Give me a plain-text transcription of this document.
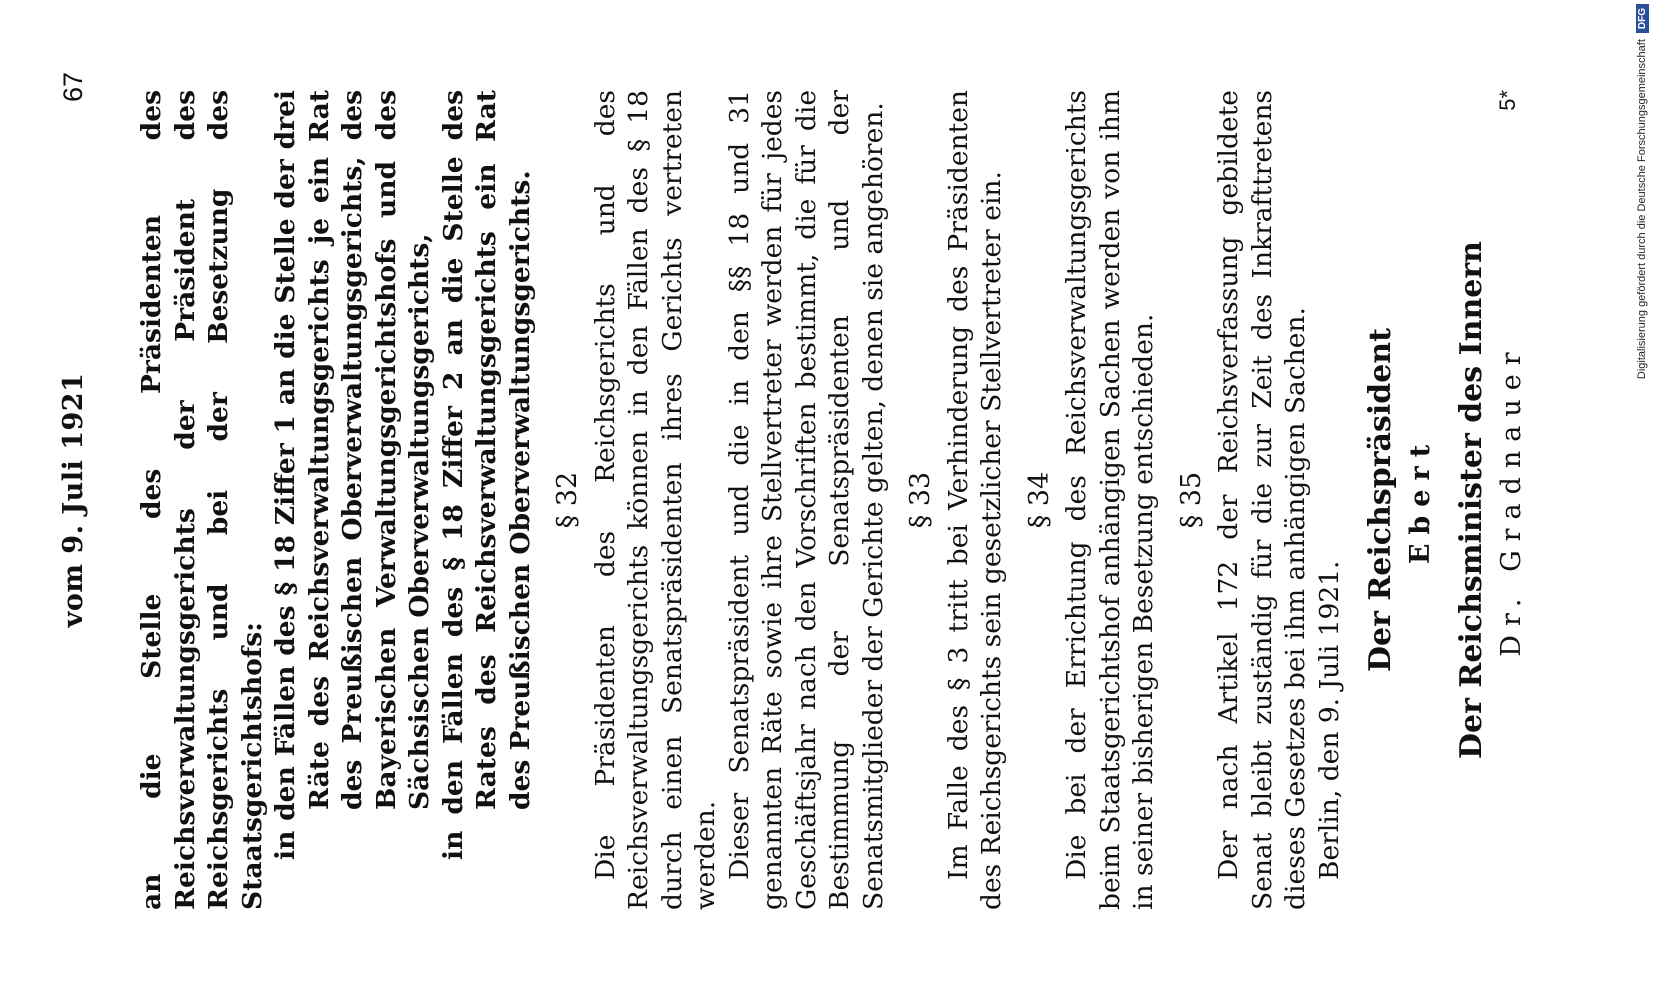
vom 9. Juli 1921
67

an die Stelle des Präsidenten des Reichsverwaltungsgerichts der Präsident des Reichsgerichts und bei der Besetzung des Staatsgerichtshofs: in den Fällen des § 18 Ziffer 1 an die Stelle der drei Räte des Reichsverwaltungsgerichts je ein Rat des Preußischen Oberverwaltungsgerichts, des Bayerischen Verwaltungsgerichtshofs und des Sächsischen Oberverwaltungsgerichts, in den Fällen des § 18 Ziffer 2 an die Stelle des Rates des Reichsverwaltungsgerichts ein Rat des Preußischen Oberverwaltungsgerichts. § 32 Die Präsidenten des Reichsgerichts und des Reichsverwaltungsgerichts können in den Fällen des § 18 durch einen Senatspräsidenten ihres Gerichts vertreten werden. Dieser Senatspräsident und die in den §§ 18 und 31 genannten Räte sowie ihre Stellvertreter werden für jedes Geschäftsjahr nach den Vorschriften bestimmt, die für die Bestimmung der Senatspräsidenten und der Senatsmitglieder der Gerichte gelten, denen sie angehören. § 33 Im Falle des § 3 tritt bei Verhinderung des Präsidenten des Reichsgerichts sein gesetzlicher Stellvertreter ein. § 34 Die bei der Errichtung des Reichsverwaltungsgerichts beim Staatsgerichtshof anhängigen Sachen werden von ihm in seiner bisherigen Besetzung entschieden. § 35 Der nach Artikel 172 der Reichsverfassung gebildete Senat bleibt zuständig für die zur Zeit des Inkrafttretens dieses Gesetzes bei ihm anhängigen Sachen. Berlin, den 9. Juli 1921.

Der Reichspräsident Ebert Der Reichsminister des Innern Dr. Gradnauer
5*	Digitalisierung gefördert durch die Deutsche Forschungsgemeinschaft
DFG
